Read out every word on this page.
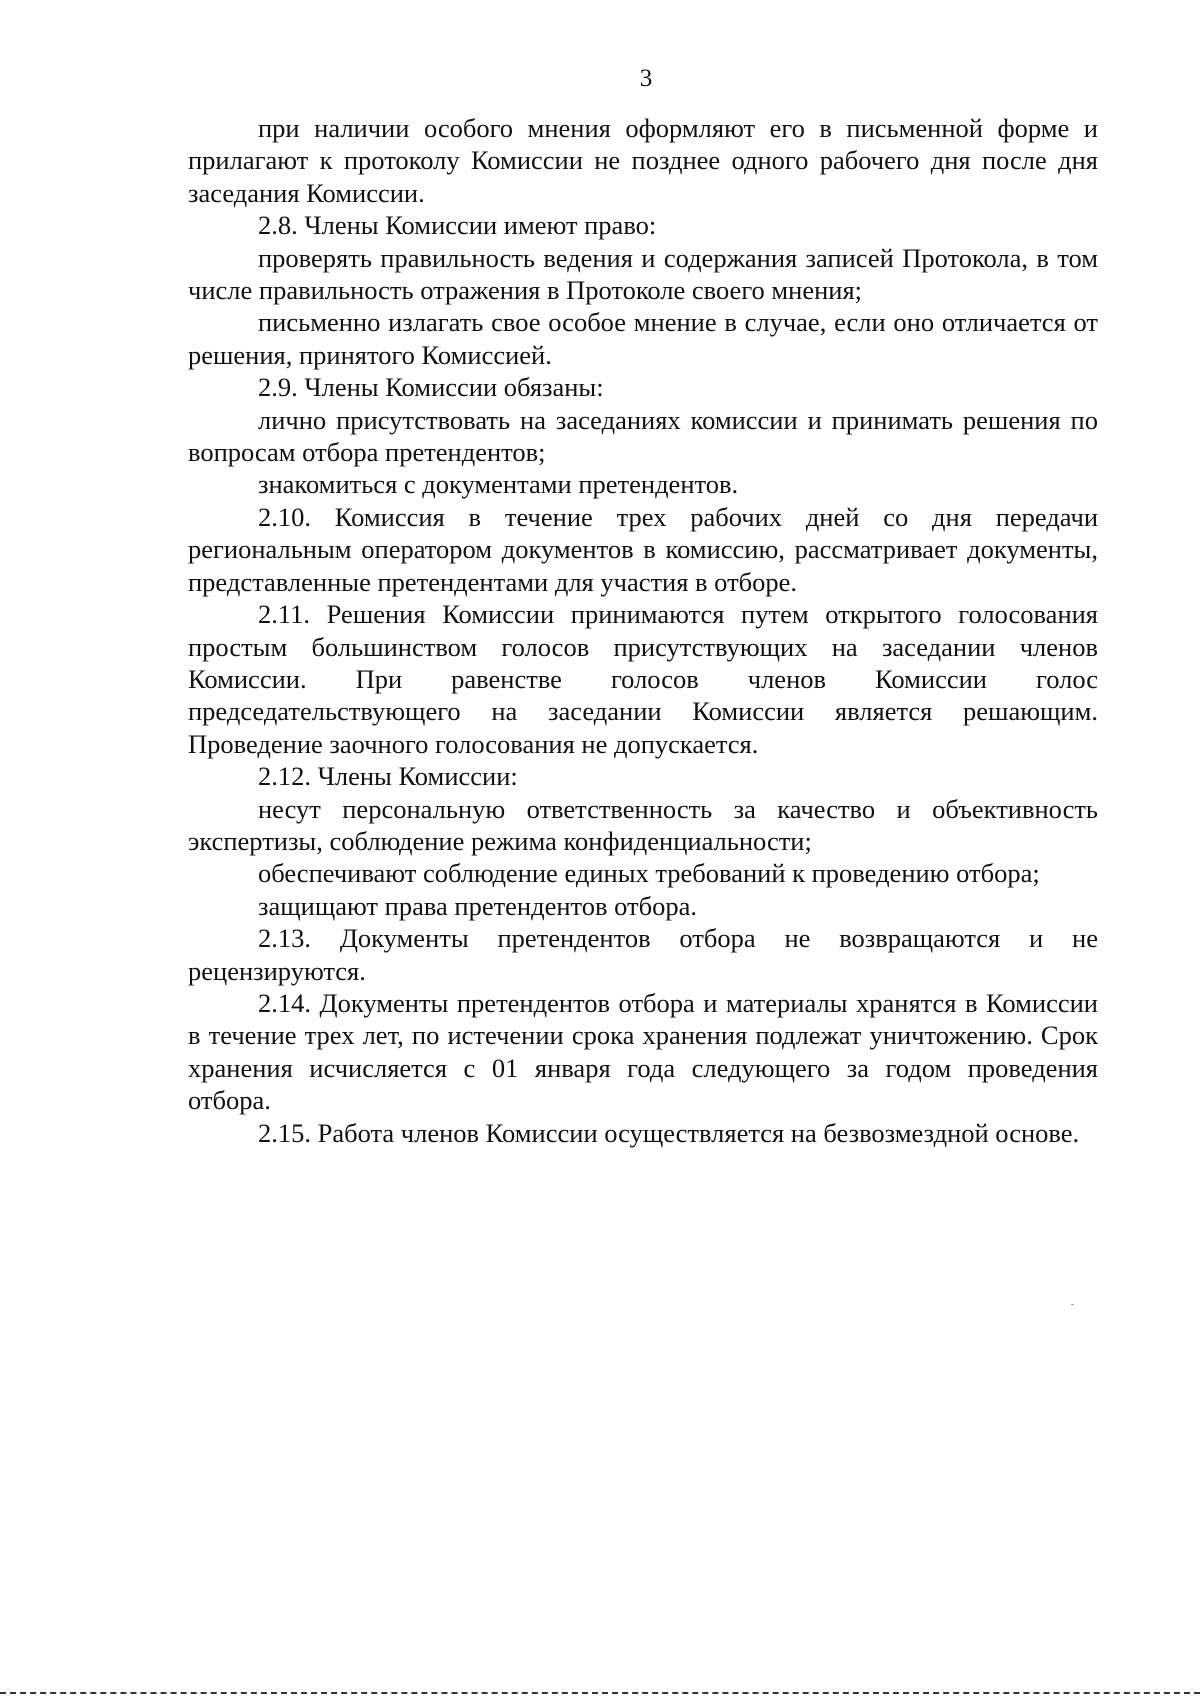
3

при наличии особого мнения оформляют его в письменной форме и прилагают к протоколу Комиссии не позднее одного рабочего дня после дня заседания Комиссии.

2.8. Члены Комиссии имеют право:

проверять правильность ведения и содержания записей Протокола, в том числе правильность отражения в Протоколе своего мнения;

письменно излагать свое особое мнение в случае, если оно отличается от решения, принятого Комиссией.

2.9. Члены Комиссии обязаны:

лично присутствовать на заседаниях комиссии и принимать решения по вопросам отбора претендентов;

знакомиться с документами претендентов.

2.10. Комиссия в течение трех рабочих дней со дня передачи региональным оператором документов в комиссию, рассматривает документы, представленные претендентами для участия в отборе.

2.11. Решения Комиссии принимаются путем открытого голосования простым большинством голосов присутствующих на заседании членов Комиссии. При равенстве голосов членов Комиссии голос председательствующего на заседании Комиссии является решающим. Проведение заочного голосования не допускается.

2.12. Члены Комиссии:

несут персональную ответственность за качество и объективность экспертизы, соблюдение режима конфиденциальности;

обеспечивают соблюдение единых требований к проведению отбора;

защищают права претендентов отбора.

2.13. Документы претендентов отбора не возвращаются и не рецензируются.

2.14. Документы претендентов отбора и материалы хранятся в Комиссии в течение трех лет, по истечении срока хранения подлежат уничтожению. Срок хранения исчисляется с 01 января года следующего за годом проведения отбора.

2.15. Работа членов Комиссии осуществляется на безвозмездной основе.
